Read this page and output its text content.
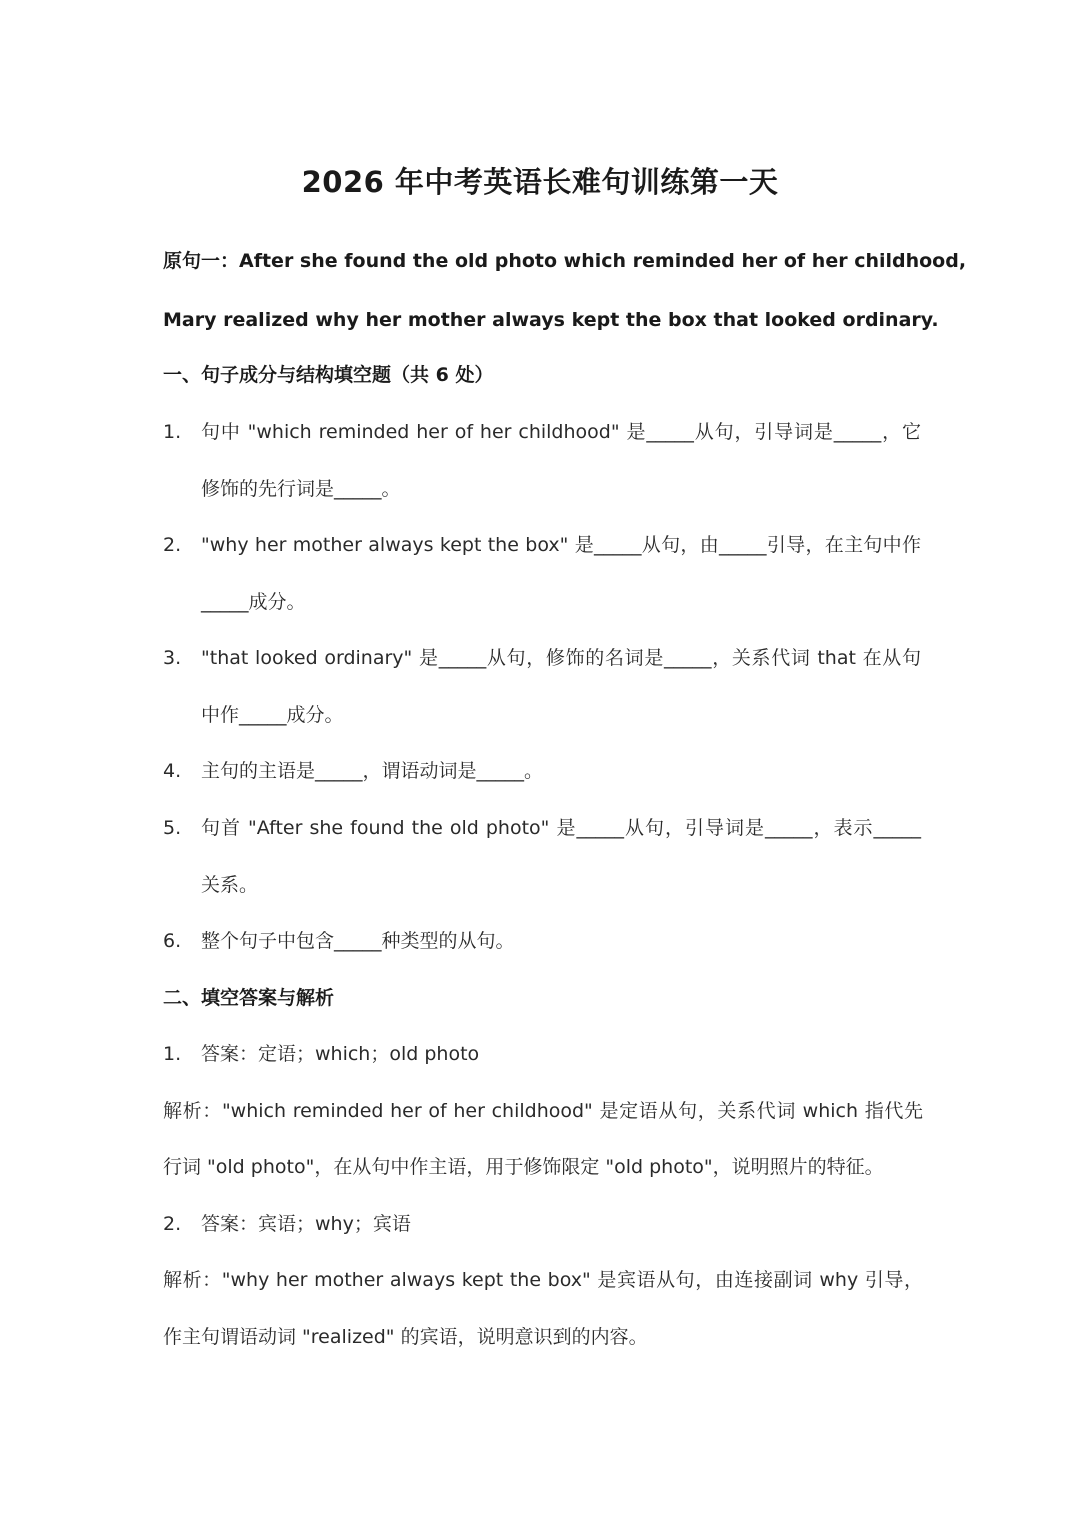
2026 年中考英语长难句训练第一天
原句一：After she found the old photo which reminded her of her childhood,
Mary realized why her mother always kept the box that looked ordinary.
一、句子成分与结构填空题（共 6 处）
1. 句中 "which reminded her of her childhood" 是_____从句，引导词是_____，它
修饰的先行词是_____。
2. "why her mother always kept the box" 是_____从句，由_____引导，在主句中作
_____成分。
3. "that looked ordinary" 是_____从句，修饰的名词是_____，关系代词 that 在从句
中作_____成分。
4. 主句的主语是_____，谓语动词是_____。
5. 句首 "After she found the old photo" 是_____从句，引导词是_____，表示_____
关系。
6. 整个句子中包含_____种类型的从句。
二、填空答案与解析
1. 答案：定语；which；old photo
解析："which reminded her of her childhood" 是定语从句，关系代词 which 指代先
行词 "old photo"，在从句中作主语，用于修饰限定 "old photo"，说明照片的特征。
2. 答案：宾语；why；宾语
解析："why her mother always kept the box" 是宾语从句，由连接副词 why 引导，
作主句谓语动词 "realized" 的宾语，说明意识到的内容。
